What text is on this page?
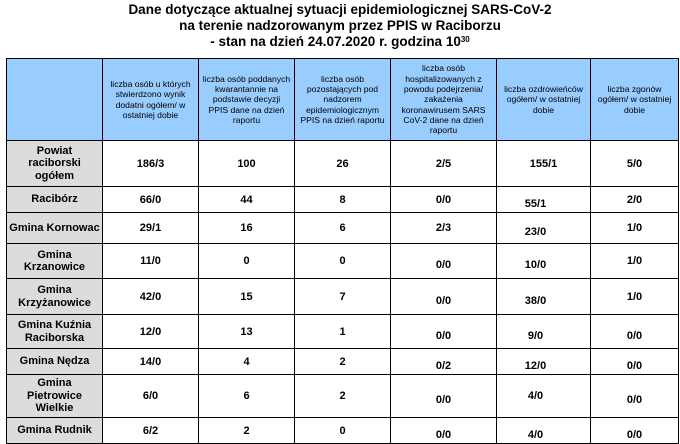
Dane dotyczące aktualnej sytuacji epidemiologicznej SARS-CoV-2
na terenie nadzorowanym przez PPIS w Raciborzu
- stan na dzień 24.07.2020 r. godzina $10^{30}$
	liczba osób u których stwierdzono wynik dodatni ogółem/ w ostatniej dobie	liczba osób poddanych kwarantannie na podstawie decyzji PPIS dane na dzień raportu	liczba osób pozostających pod nadzorem epidemiologicznym PPIS na dzień raportu	liczba osób hospitalizowanych z powodu podejrzenia/ zakażenia koronawirusem SARS CoV-2 dane na dzień raportu	liczba ozdrowieńców ogółem/ w ostatniej dobie	liczba zgonów ogółem/ w ostatniej dobie
Powiat raciborski ogółem	186/3	100	26	2/5	155/1	5/0
Racibórz	66/0	44	8	0/0	55/1	2/0
Gmina Kornowac	29/1	16	6	2/3	23/0	1/0
Gmina Krzanowice	11/0	0	0	0/0	10/0	1/0
Gmina Krzyżanowice	42/0	15	7	0/0	38/0	1/0
Gmina Kuźnia Raciborska	12/0	13	1	0/0	9/0	0/0
Gmina Nędza	14/0	4	2	0/2	12/0	0/0
Gmina Pietrowice Wielkie	6/0	6	2	0/0	4/0	0/0
Gmina Rudnik	6/2	2	0	0/0	4/0	0/0
